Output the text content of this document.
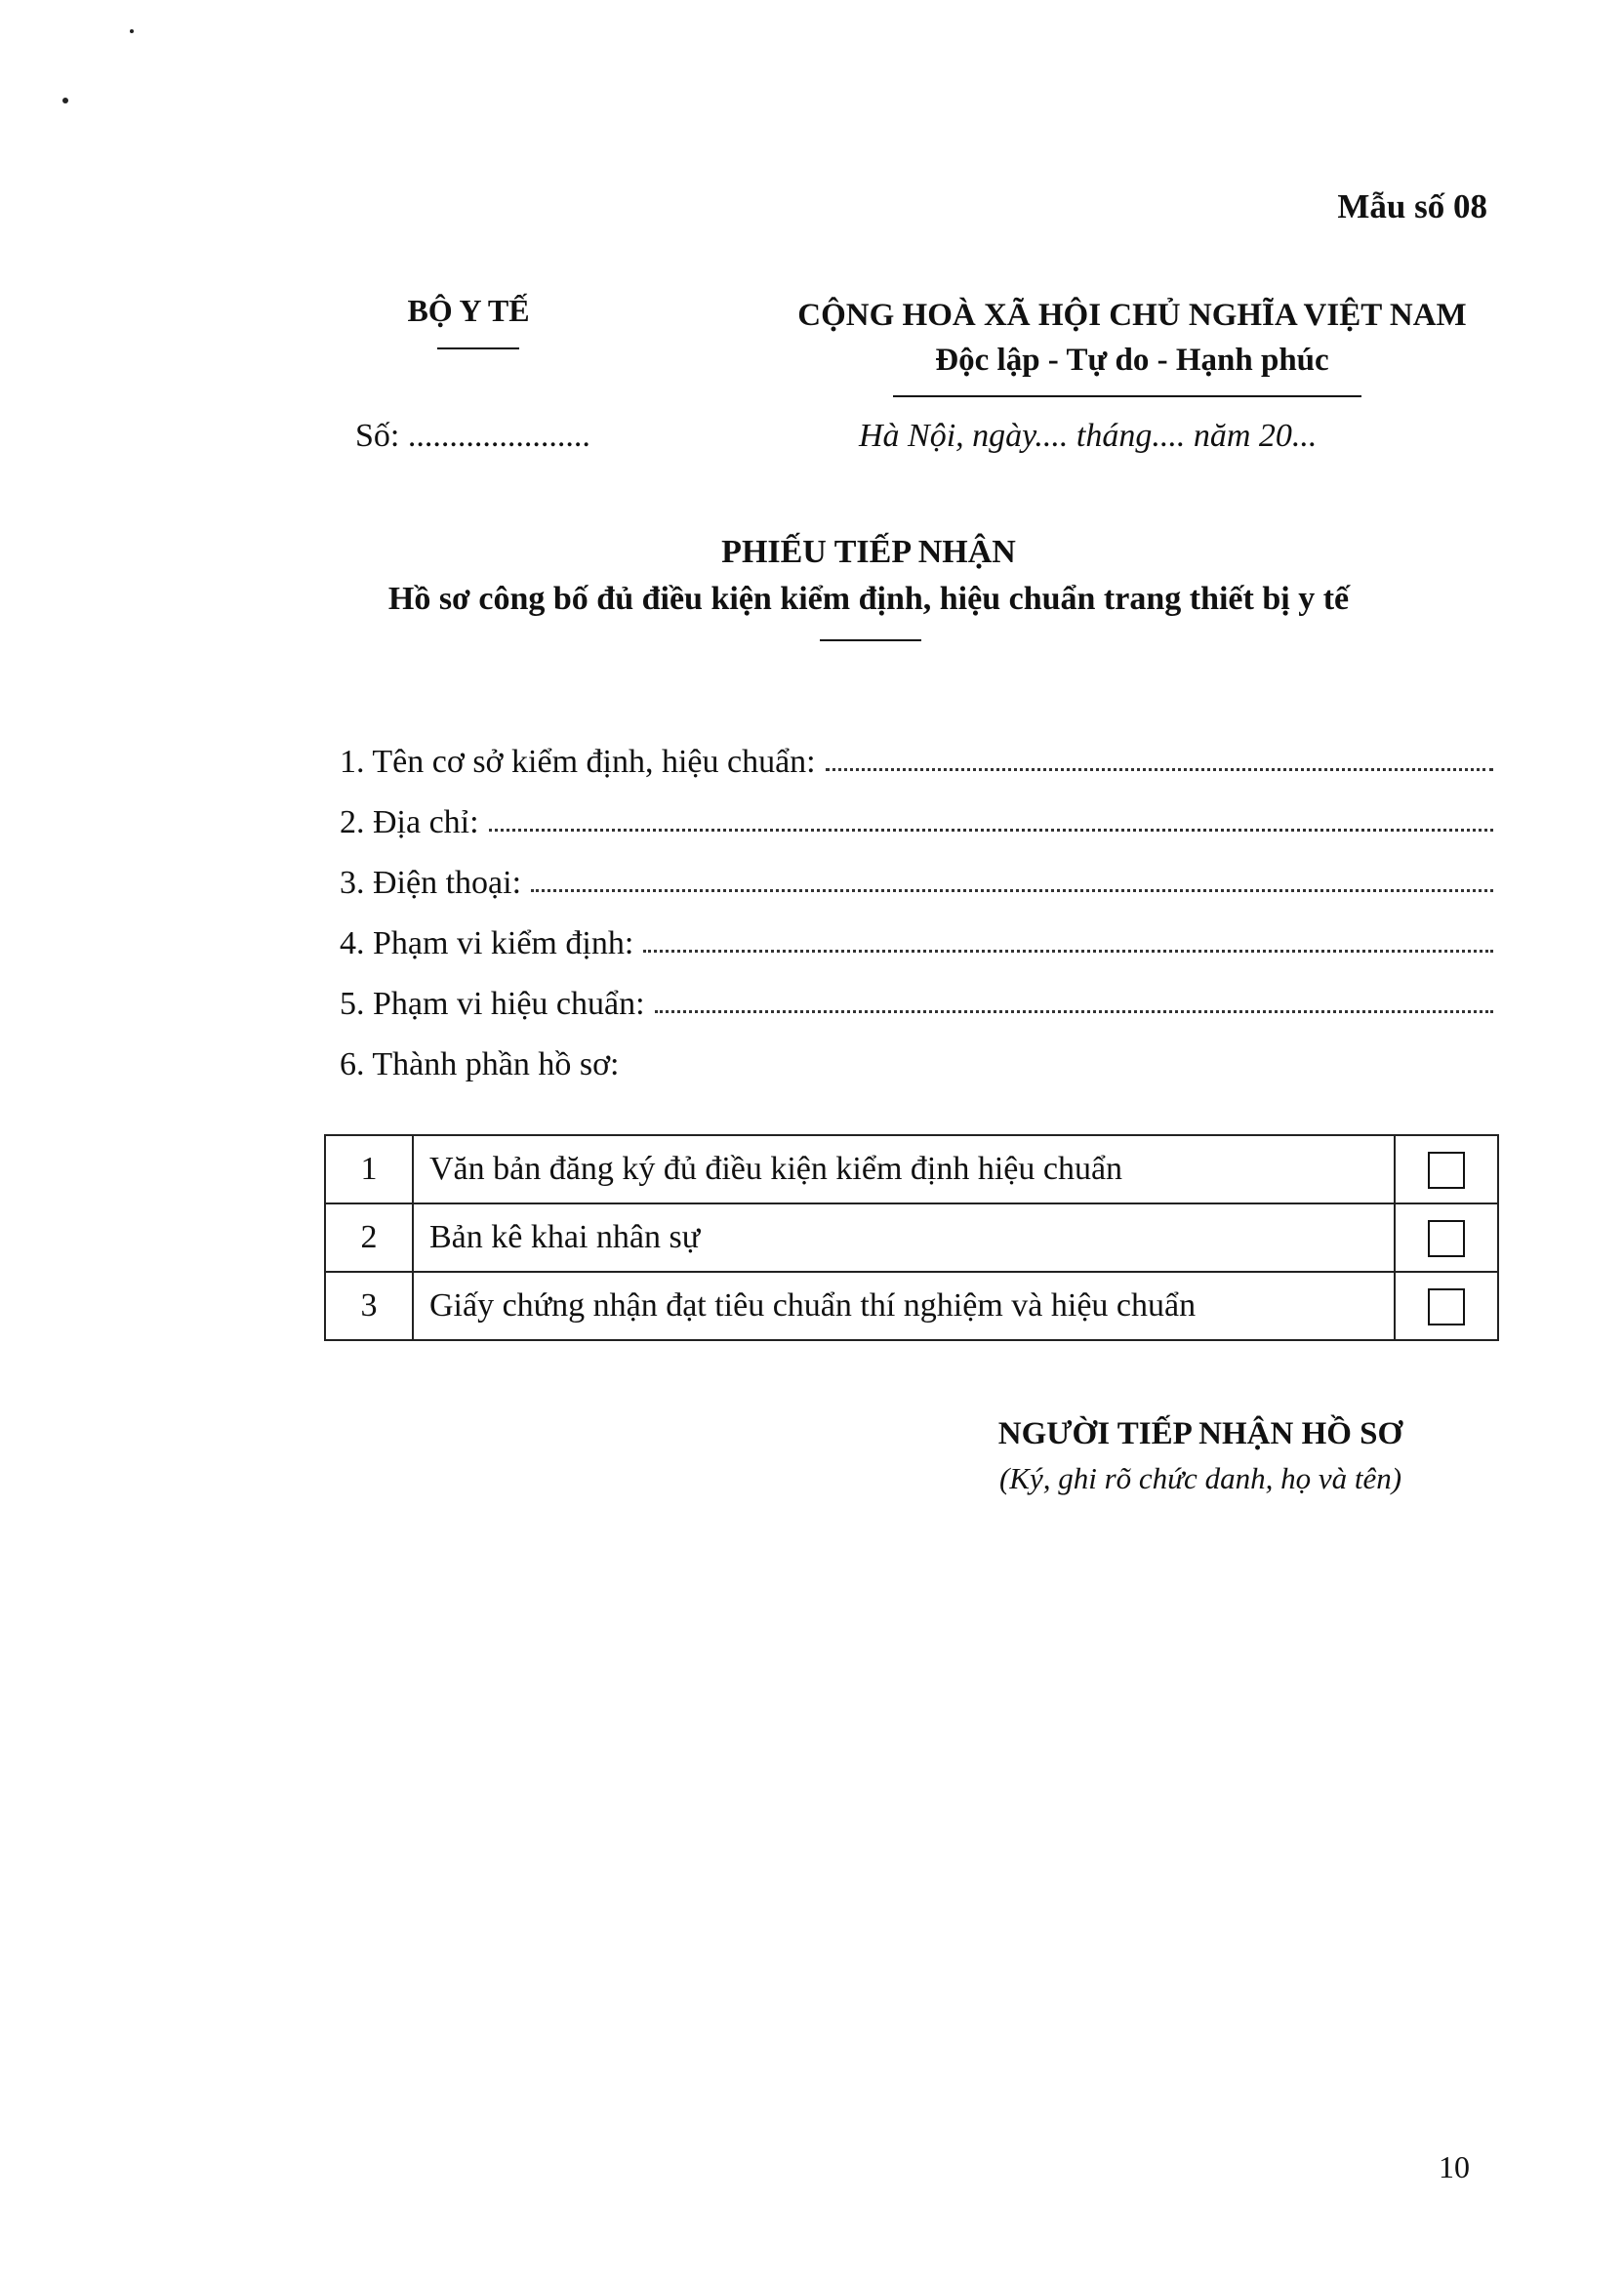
Mẫu số 08
BỘ Y TẾ	CỘNG HOÀ XÃ HỘI CHỦ NGHĨA VIỆT NAM
Độc lập - Tự do - Hạnh phúc
Số: ......................	Hà Nội, ngày.... tháng.... năm 20...
PHIẾU TIẾP NHẬN
Hồ sơ công bố đủ điều kiện kiểm định, hiệu chuẩn trang thiết bị y tế
1. Tên cơ sở kiểm định, hiệu chuẩn:
2. Địa chỉ:
3. Điện thoại:
4. Phạm vi kiểm định:
5. Phạm vi hiệu chuẩn:
6. Thành phần hồ sơ:
1	Văn bản đăng ký đủ điều kiện kiểm định hiệu chuẩn	
2	Bản kê khai nhân sự	
3	Giấy chứng nhận đạt tiêu chuẩn thí nghiệm và hiệu chuẩn	
NGƯỜI TIẾP NHẬN HỒ SƠ
(Ký, ghi rõ chức danh, họ và tên)
10
